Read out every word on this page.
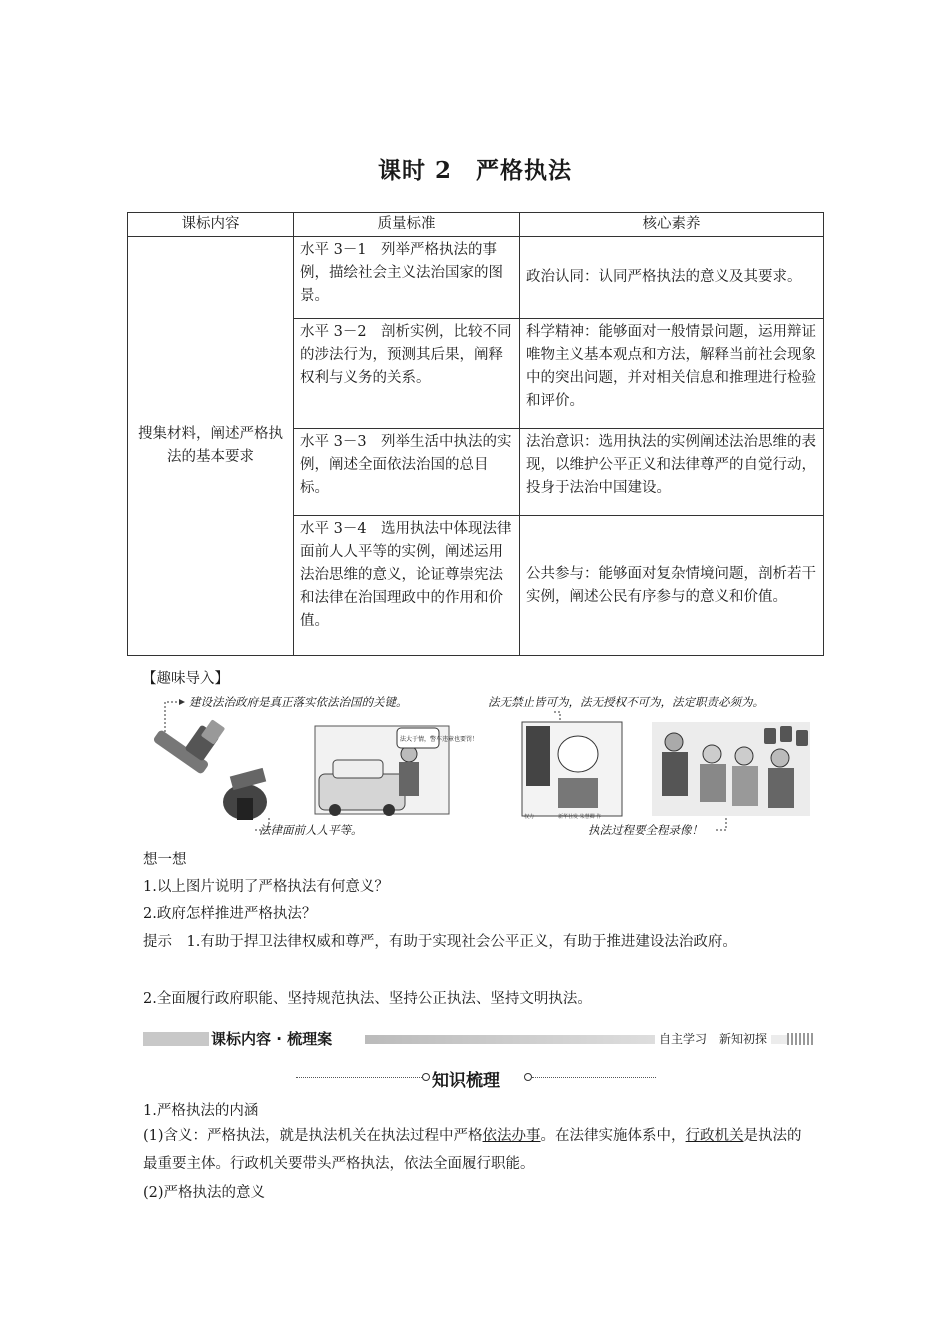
课时 2　严格执法
课标内容	质量标准	核心素养
搜集材料，阐述严格执法的基本要求	水平 3－1　列举严格执法的事例，描绘社会主义法治国家的图景。	政治认同：认同严格执法的意义及其要求。
	水平 3－2　剖析实例，比较不同的涉法行为，预测其后果，阐释权利与义务的关系。	科学精神：能够面对一般情景问题，运用辩证唯物主义基本观点和方法，解释当前社会现象中的突出问题，并对相关信息和推理进行检验和评价。
	水平 3－3　列举生活中执法的实例，阐述全面依法治国的总目标。	法治意识：选用执法的实例阐述法治思维的表现，以维护公平正义和法律尊严的自觉行动，投身于法治中国建设。
	水平 3－4　选用执法中体现法律面前人人平等的实例，阐述运用法治思维的意义，论证尊崇宪法和法律在治国理政中的作用和价值。	公共参与：能够面对复杂情境问题，剖析若干实例，阐述公民有序参与的意义和价值。
【趣味导入】
建设法治政府是真正落实依法治国的关键。
法大于情，警车违章也要罚！
法律面前人人平等。
法无禁止皆可为，法无授权不可为，法定职责必须为。
权力	新华社发 朱慧卿 作
执法过程要全程录像！
想一想
1.以上图片说明了严格执法有何意义？
2.政府怎样推进严格执法？
提示　1.有助于捍卫法律权威和尊严，有助于实现社会公平正义，有助于推进建设法治政府。
2.全面履行政府职能、坚持规范执法、坚持公正执法、坚持文明执法。
课标内容 · 梳理案	自主学习　新知初探
知识梳理
1.严格执法的内涵
(1)含义：严格执法，就是执法机关在执法过程中严格依法办事。在法律实施体系中，行政机关是执法的最重要主体。行政机关要带头严格执法，依法全面履行职能。
(2)严格执法的意义
